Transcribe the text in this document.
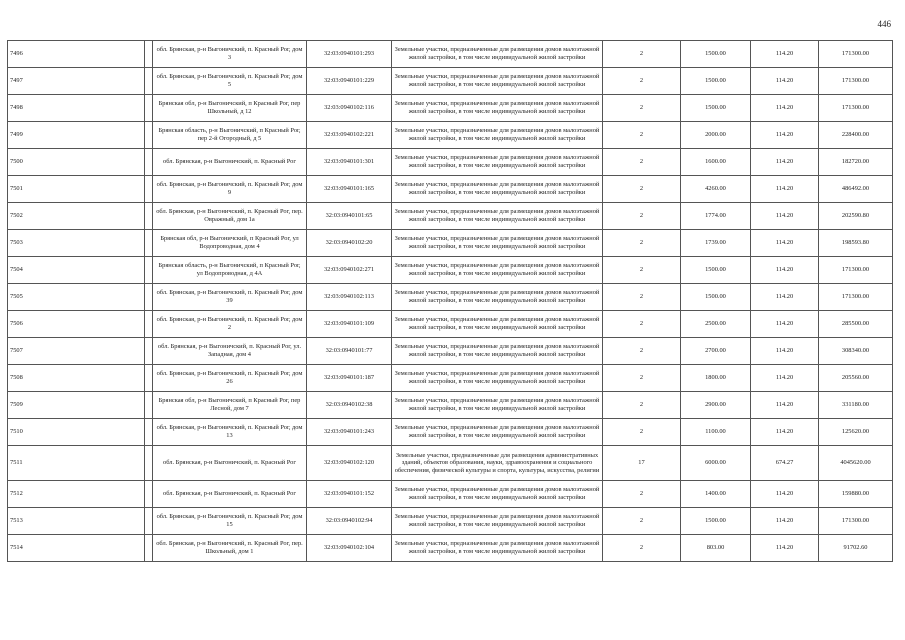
446
7496		обл. Брянская, р-н Выгоничский, п. Красный Рог, дом 3	32:03:0940101:293	Земельные участки, предназначенные для размещения домов малоэтажной жилой застройки, в том числе индивидуальной жилой застройки	2	1500.00	114.20	171300.00
7497		обл. Брянская, р-н Выгоничский, п. Красный Рог, дом 5	32:03:0940101:229	Земельные участки, предназначенные для размещения домов малоэтажной жилой застройки, в том числе индивидуальной жилой застройки	2	1500.00	114.20	171300.00
7498		Брянская обл, р-н Выгоничский, п Красный Рог, пер Школьный, д 12	32:03:0940102:116	Земельные участки, предназначенные для размещения домов малоэтажной жилой застройки, в том числе индивидуальной жилой застройки	2	1500.00	114.20	171300.00
7499		Брянская область, р-н Выгоничский, п Красный Рог, пер 2-й Огородный, д 5	32:03:0940102:221	Земельные участки, предназначенные для размещения домов малоэтажной жилой застройки, в том числе индивидуальной жилой застройки	2	2000.00	114.20	228400.00
7500		обл. Брянская, р-н Выгоничский, п. Красный Рог	32:03:0940101:301	Земельные участки, предназначенные для размещения домов малоэтажной жилой застройки, в том числе индивидуальной жилой застройки	2	1600.00	114.20	182720.00
7501		обл. Брянская, р-н Выгоничский, п. Красный Рог, дом 9	32:03:0940101:165	Земельные участки, предназначенные для размещения домов малоэтажной жилой застройки, в том числе индивидуальной жилой застройки	2	4260.00	114.20	486492.00
7502		обл. Брянская, р-н Выгоничский, п. Красный Рог, пер. Овражный, дом 1а	32:03:0940101:65	Земельные участки, предназначенные для размещения домов малоэтажной жилой застройки, в том числе индивидуальной жилой застройки	2	1774.00	114.20	202590.80
7503		Брянская обл, р-н Выгоничский, п Красный Рог, ул Водопроводная, дом 4	32:03:0940102:20	Земельные участки, предназначенные для размещения домов малоэтажной жилой застройки, в том числе индивидуальной жилой застройки	2	1739.00	114.20	198593.80
7504		Брянская область, р-н Выгоничский, п Красный Рог, ул Водопроводная, д 4А	32:03:0940102:271	Земельные участки, предназначенные для размещения домов малоэтажной жилой застройки, в том числе индивидуальной жилой застройки	2	1500.00	114.20	171300.00
7505		обл. Брянская, р-н Выгоничский, п. Красный Рог, дом 39	32:03:0940102:113	Земельные участки, предназначенные для размещения домов малоэтажной жилой застройки, в том числе индивидуальной жилой застройки	2	1500.00	114.20	171300.00
7506		обл. Брянская, р-н Выгоничский, п. Красный Рог, дом 2	32:03:0940101:109	Земельные участки, предназначенные для размещения домов малоэтажной жилой застройки, в том числе индивидуальной жилой застройки	2	2500.00	114.20	285500.00
7507		обл. Брянская, р-н Выгоничский, п. Красный Рог, ул. Западная, дом 4	32:03:0940101:77	Земельные участки, предназначенные для размещения домов малоэтажной жилой застройки, в том числе индивидуальной жилой застройки	2	2700.00	114.20	308340.00
7508		обл. Брянская, р-н Выгоничский, п. Красный Рог, дом 26	32:03:0940101:187	Земельные участки, предназначенные для размещения домов малоэтажной жилой застройки, в том числе индивидуальной жилой застройки	2	1800.00	114.20	205560.00
7509		Брянская обл, р-н Выгоничский, п Красный Рог, пер Лесной, дом 7	32:03:0940102:38	Земельные участки, предназначенные для размещения домов малоэтажной жилой застройки, в том числе индивидуальной жилой застройки	2	2900.00	114.20	331180.00
7510		обл. Брянская, р-н Выгоничский, п. Красный Рог, дом 13	32:03:0940101:243	Земельные участки, предназначенные для размещения домов малоэтажной жилой застройки, в том числе индивидуальной жилой застройки	2	1100.00	114.20	125620.00
7511		обл. Брянская, р-н Выгоничский, п. Красный Рог	32:03:0940102:120	Земельные участки, предназначенные для размещения административных зданий, объектов образования, науки, здравоохранения и социального обеспечения, физической культуры и спорта, культуры, искусства, религии	17	6000.00	674.27	4045620.00
7512		обл. Брянская, р-н Выгоничский, п. Красный Рог	32:03:0940101:152	Земельные участки, предназначенные для размещения домов малоэтажной жилой застройки, в том числе индивидуальной жилой застройки	2	1400.00	114.20	159880.00
7513		обл. Брянская, р-н Выгоничский, п. Красный Рог, дом 15	32:03:0940102:94	Земельные участки, предназначенные для размещения домов малоэтажной жилой застройки, в том числе индивидуальной жилой застройки	2	1500.00	114.20	171300.00
7514		обл. Брянская, р-н Выгоничский, п. Красный Рог, пер. Школьный, дом 1	32:03:0940102:104	Земельные участки, предназначенные для размещения домов малоэтажной жилой застройки, в том числе индивидуальной жилой застройки	2	803.00	114.20	91702.60
